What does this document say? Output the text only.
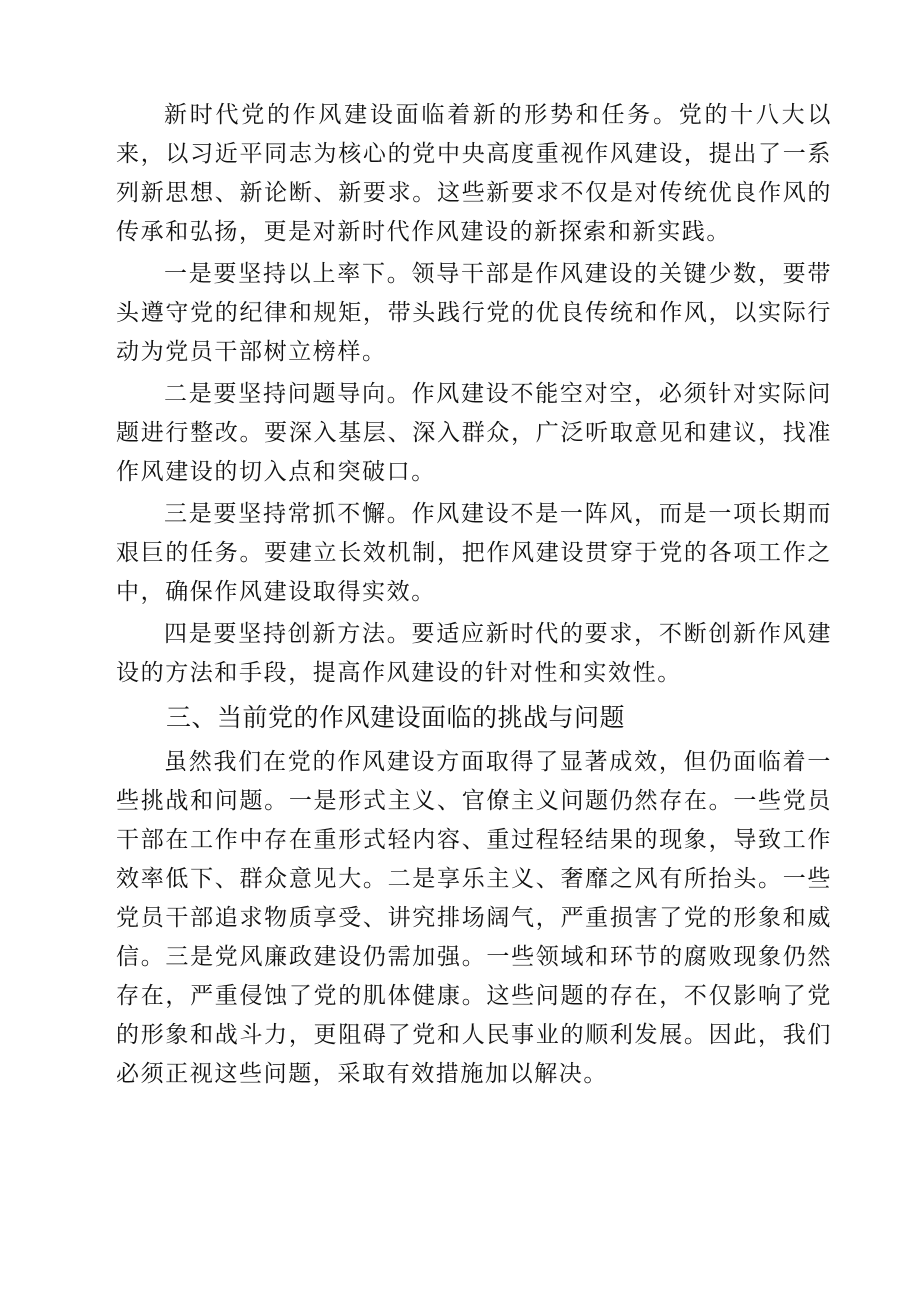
新时代党的作风建设面临着新的形势和任务。党的十八大以来，以习近平同志为核心的党中央高度重视作风建设，提出了一系列新思想、新论断、新要求。这些新要求不仅是对传统优良作风的传承和弘扬，更是对新时代作风建设的新探索和新实践。

一是要坚持以上率下。领导干部是作风建设的关键少数，要带头遵守党的纪律和规矩，带头践行党的优良传统和作风，以实际行动为党员干部树立榜样。

二是要坚持问题导向。作风建设不能空对空，必须针对实际问题进行整改。要深入基层、深入群众，广泛听取意见和建议，找准作风建设的切入点和突破口。

三是要坚持常抓不懈。作风建设不是一阵风，而是一项长期而艰巨的任务。要建立长效机制，把作风建设贯穿于党的各项工作之中，确保作风建设取得实效。

四是要坚持创新方法。要适应新时代的要求，不断创新作风建设的方法和手段，提高作风建设的针对性和实效性。

三、当前党的作风建设面临的挑战与问题

虽然我们在党的作风建设方面取得了显著成效，但仍面临着一些挑战和问题。一是形式主义、官僚主义问题仍然存在。一些党员干部在工作中存在重形式轻内容、重过程轻结果的现象，导致工作效率低下、群众意见大。二是享乐主义、奢靡之风有所抬头。一些党员干部追求物质享受、讲究排场阔气，严重损害了党的形象和威信。三是党风廉政建设仍需加强。一些领域和环节的腐败现象仍然存在，严重侵蚀了党的肌体健康。这些问题的存在，不仅影响了党的形象和战斗力，更阻碍了党和人民事业的顺利发展。因此，我们必须正视这些问题，采取有效措施加以解决。
